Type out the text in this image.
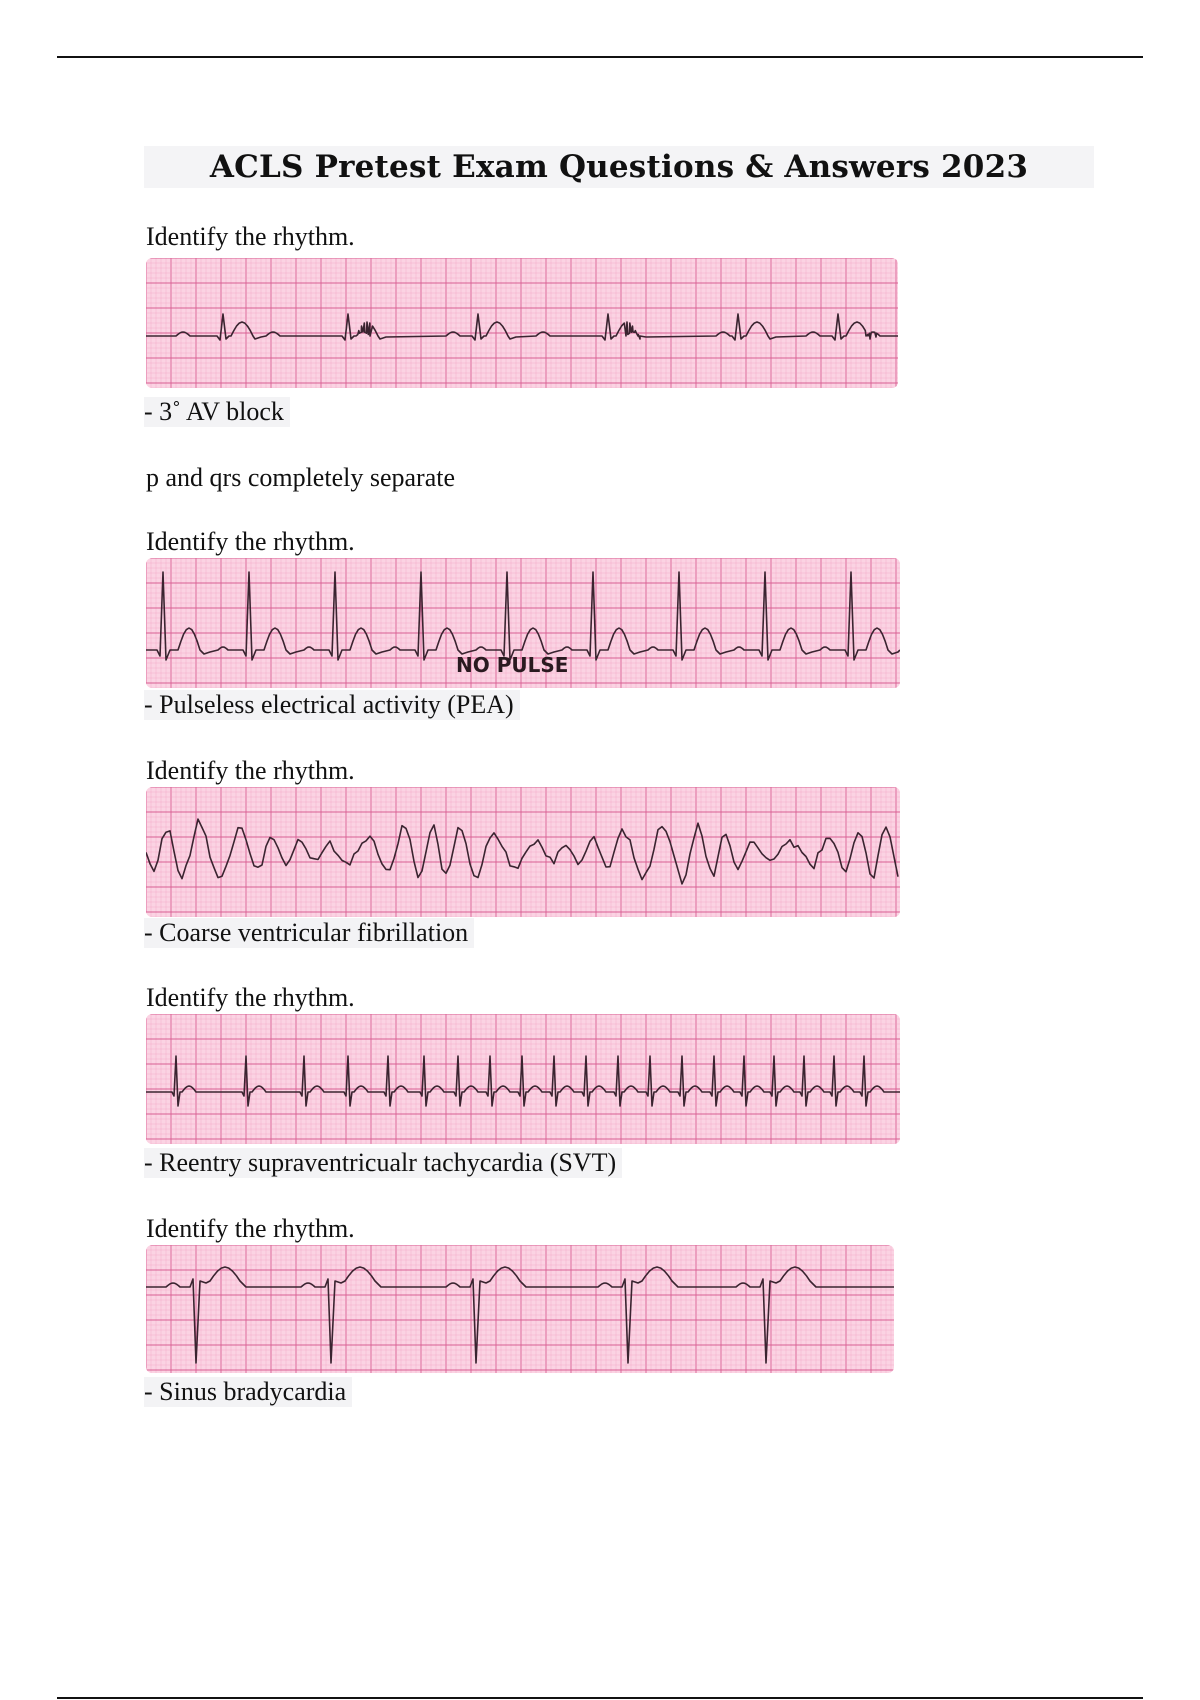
ACLS Pretest Exam Questions & Answers 2023
Identify the rhythm.
- 3˚ AV block
p and qrs completely separate
Identify the rhythm.
NO PULSE
- Pulseless electrical activity (PEA)
Identify the rhythm.
- Coarse ventricular fibrillation
Identify the rhythm.
- Reentry supraventricualr tachycardia (SVT)
Identify the rhythm.
- Sinus bradycardia
